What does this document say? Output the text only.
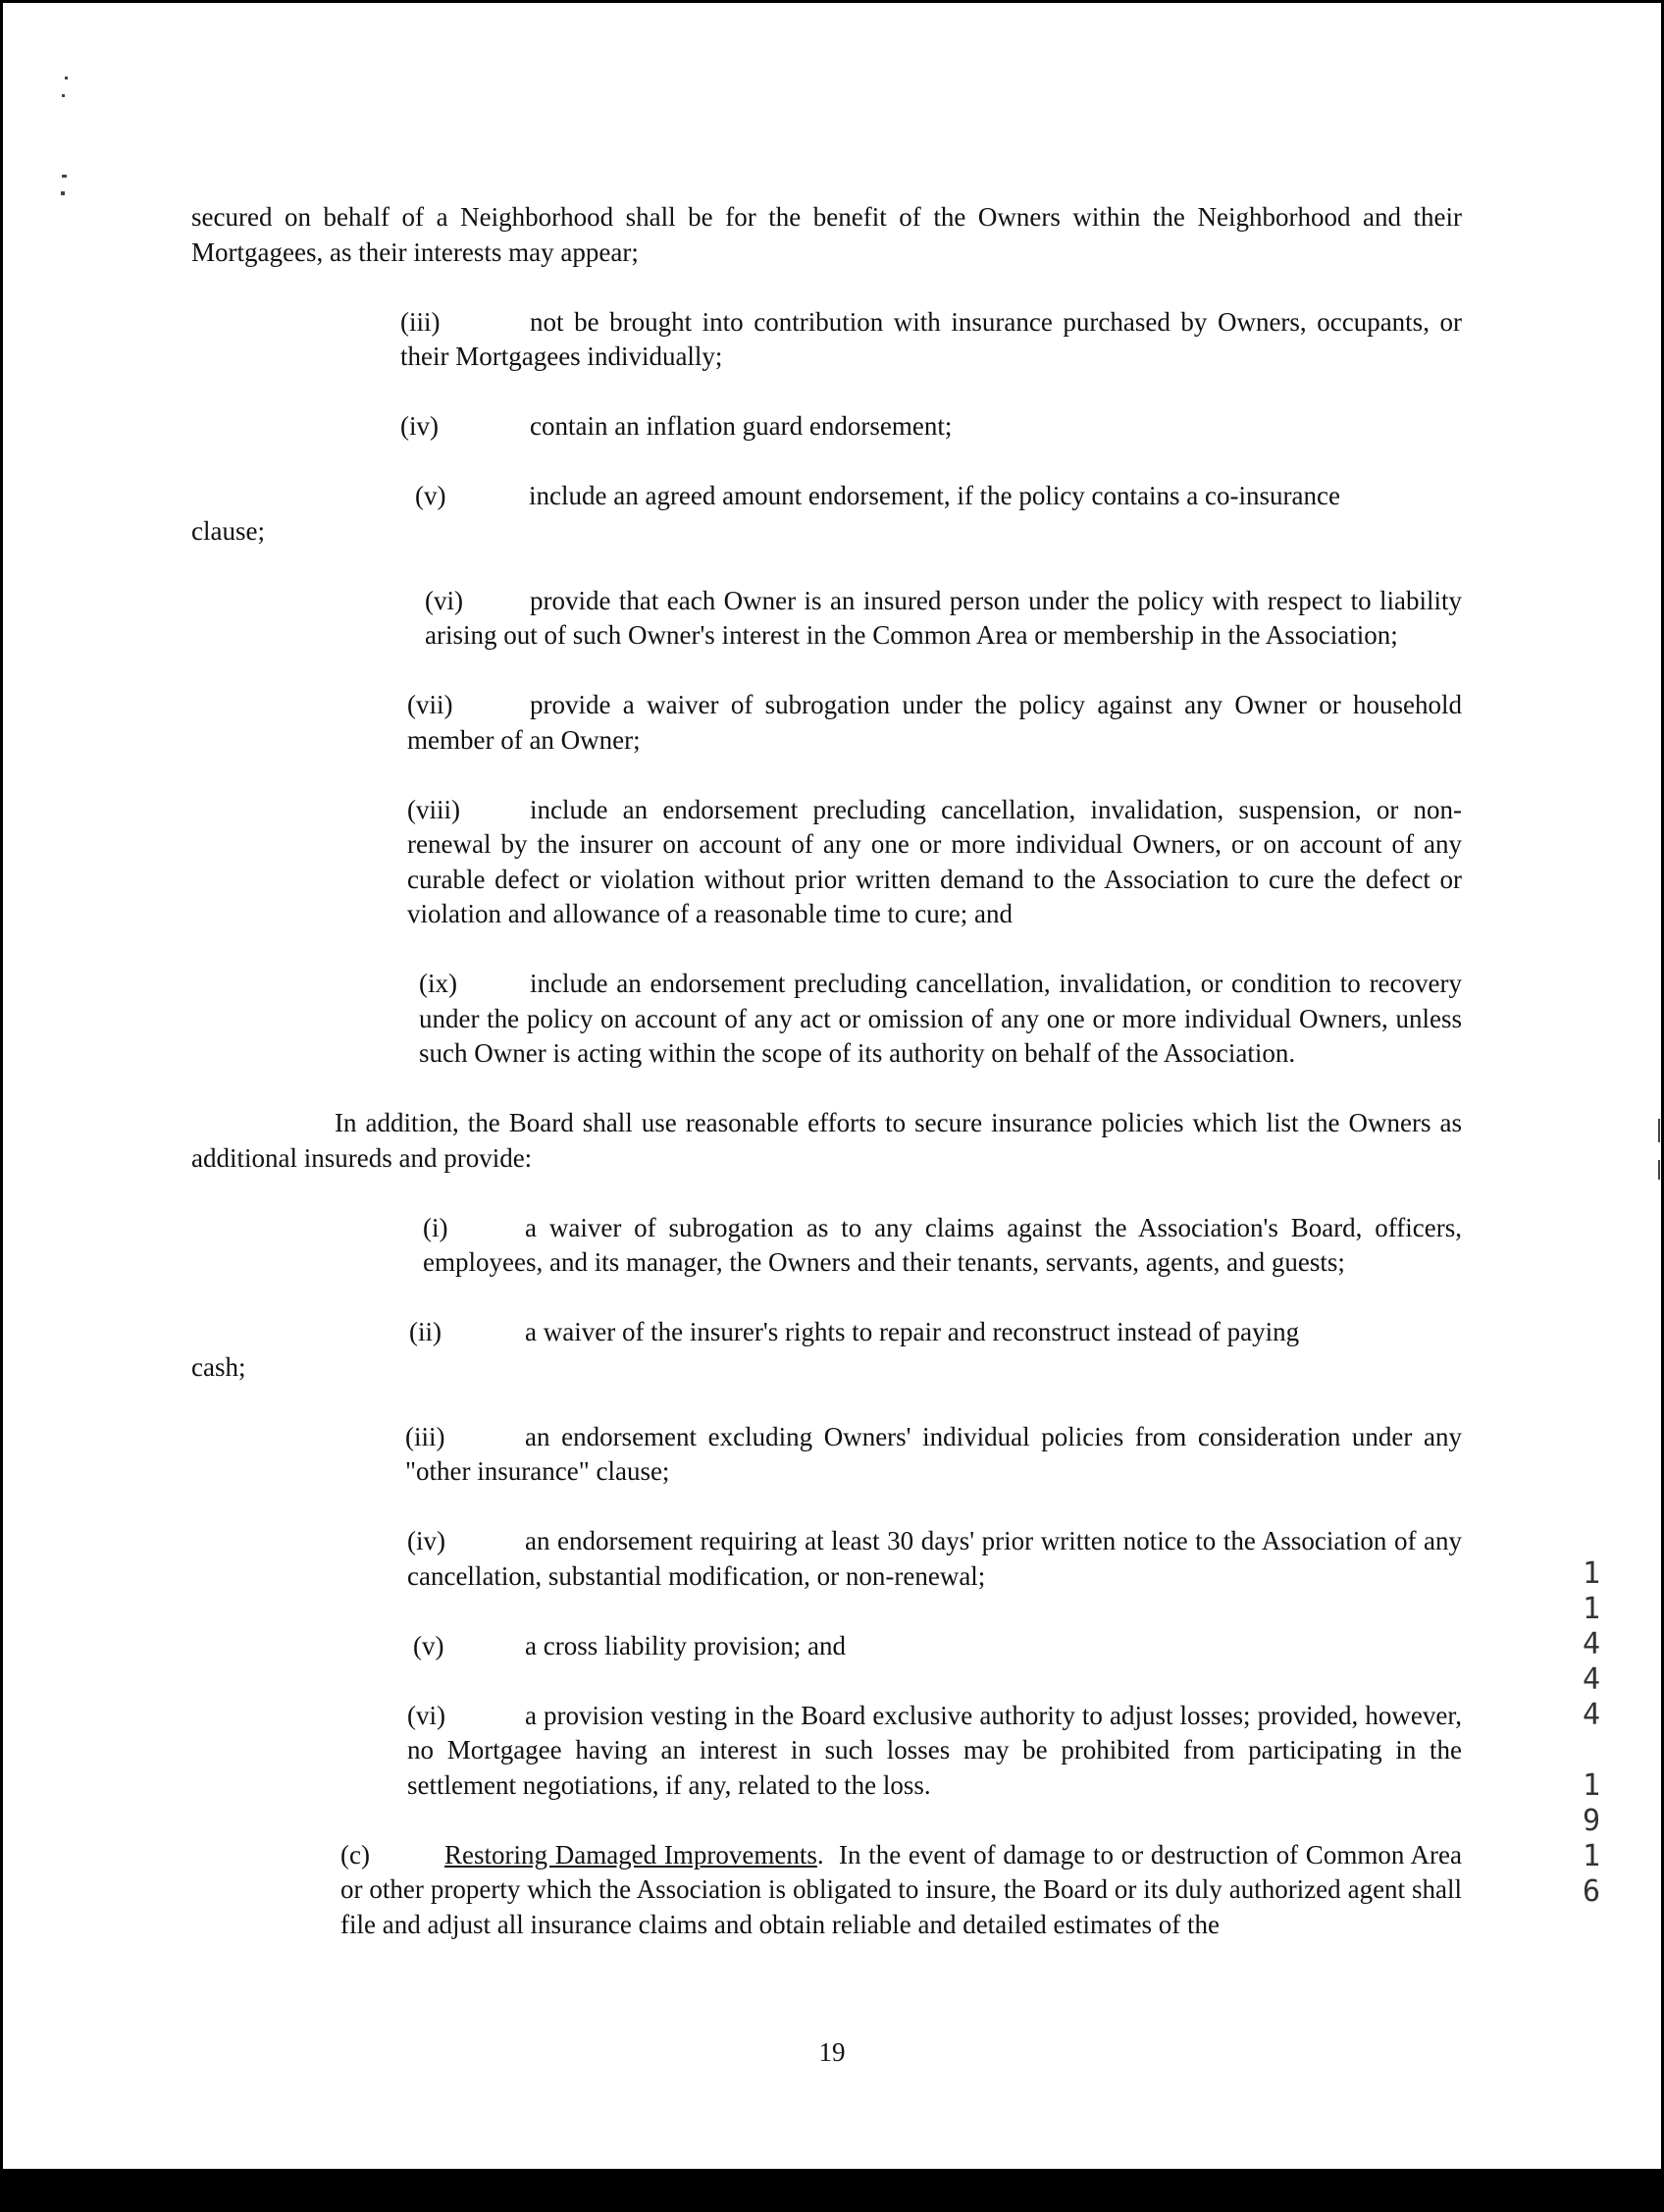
secured on behalf of a Neighborhood shall be for the benefit of the Owners within the Neighborhood and their Mortgagees, as their interests may appear;

(iii)	not be brought into contribution with insurance purchased by Owners, occupants, or their Mortgagees individually;

(iv)	contain an inflation guard endorsement;

(v)	include an agreed amount endorsement, if the policy contains a co-insurance

clause;

(vi)	provide that each Owner is an insured person under the policy with respect to liability arising out of such Owner's interest in the Common Area or membership in the Association;

(vii)	provide a waiver of subrogation under the policy against any Owner or household member of an Owner;

(viii)	include an endorsement precluding cancellation, invalidation, suspension, or non-renewal by the insurer on account of any one or more individual Owners, or on account of any curable defect or violation without prior written demand to the Association to cure the defect or violation and allowance of a reasonable time to cure; and

(ix)	include an endorsement precluding cancellation, invalidation, or condition to recovery under the policy on account of any act or omission of any one or more individual Owners, unless such Owner is acting within the scope of its authority on behalf of the Association.

In addition, the Board shall use reasonable efforts to secure insurance policies which list the Owners as additional insureds and provide:

(i)	a waiver of subrogation as to any claims against the Association's Board, officers, employees, and its manager, the Owners and their tenants, servants, agents, and guests;

(ii)	a waiver of the insurer's rights to repair and reconstruct instead of paying

cash;

(iii)	an endorsement excluding Owners' individual policies from consideration under any "other insurance" clause;

(iv)	an endorsement requiring at least 30 days' prior written notice to the Association of any cancellation, substantial modification, or non-renewal;

(v)	a cross liability provision; and

(vi)	a provision vesting in the Board exclusive authority to adjust losses; provided, however, no Mortgagee having an interest in such losses may be prohibited from participating in the settlement negotiations, if any, related to the loss.

(c)	Restoring Damaged Improvements. In the event of damage to or destruction of Common Area or other property which the Association is obligated to insure, the Board or its duly authorized agent shall file and adjust all insurance claims and obtain reliable and detailed estimates of the

19
1
1
4
4
4
1
9
1
6
